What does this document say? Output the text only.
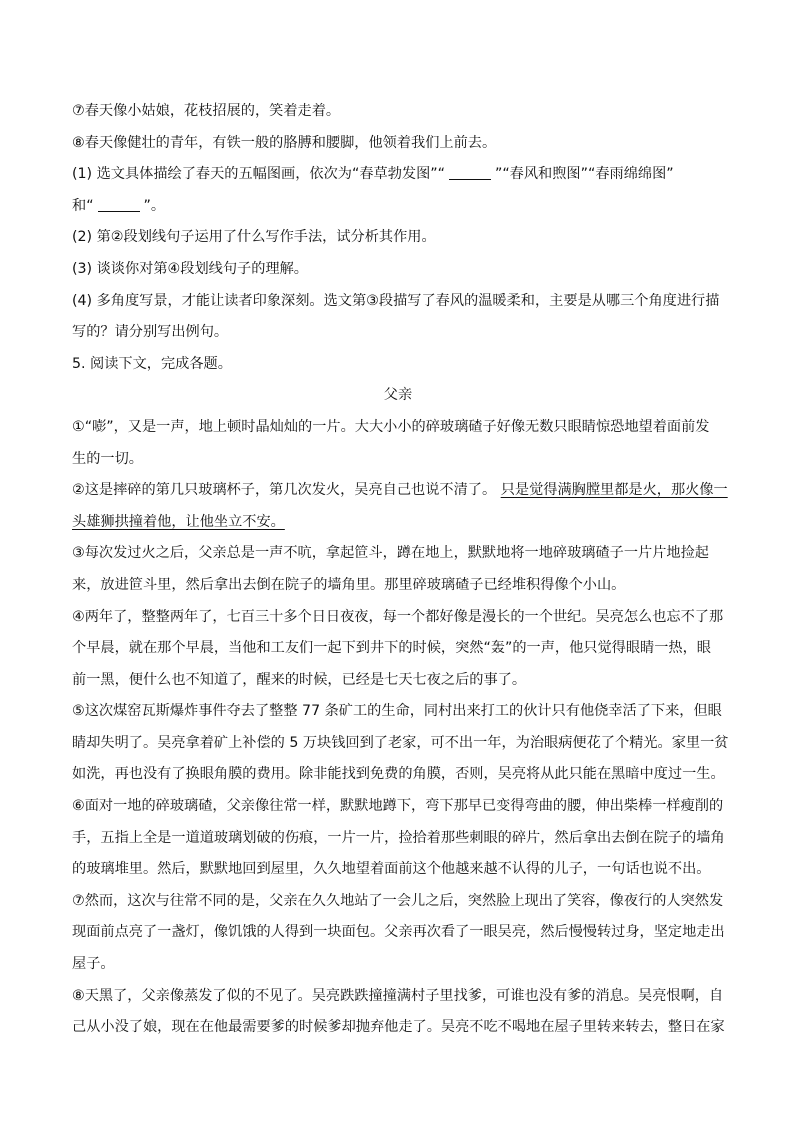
⑦春天像小姑娘，花枝招展的，笑着走着。
⑧春天像健壮的青年，有铁一般的胳膊和腰脚，他领着我们上前去。
(1) 选文具体描绘了春天的五幅图画，依次为“春草勃发图”“	”“春风和煦图”“春雨绵绵图”
和“	”。
(2) 第②段划线句子运用了什么写作手法，试分析其作用。
(3) 谈谈你对第④段划线句子的理解。
(4) 多角度写景，才能让读者印象深刻。选文第③段描写了春风的温暖柔和，主要是从哪三个角度进行描
写的？请分别写出例句。
5. 阅读下文，完成各题。
父亲
①“嘭”，又是一声，地上顿时晶灿灿的一片。大大小小的碎玻璃碴子好像无数只眼睛惊恐地望着面前发
生的一切。
②这是摔碎的第几只玻璃杯子，第几次发火，吴亮自己也说不清了。 只是觉得满胸膛里都是火，那火像一
头雄狮拱撞着他，让他坐立不安。
③每次发过火之后，父亲总是一声不吭，拿起笸斗，蹲在地上，默默地将一地碎玻璃碴子一片片地捡起
来，放进笸斗里，然后拿出去倒在院子的墙角里。那里碎玻璃碴子已经堆积得像个小山。
④两年了，整整两年了，七百三十多个日日夜夜，每一个都好像是漫长的一个世纪。吴亮怎么也忘不了那
个早晨，就在那个早晨，当他和工友们一起下到井下的时候，突然“轰”的一声，他只觉得眼睛一热，眼
前一黑，便什么也不知道了，醒来的时候，已经是七天七夜之后的事了。
⑤这次煤窑瓦斯爆炸事件夺去了整整 77 条矿工的生命，同村出来打工的伙计只有他侥幸活了下来，但眼
睛却失明了。吴亮拿着矿上补偿的 5 万块钱回到了老家，可不出一年，为治眼病便花了个精光。家里一贫
如洗，再也没有了换眼角膜的费用。除非能找到免费的角膜，否则，吴亮将从此只能在黑暗中度过一生。
⑥面对一地的碎玻璃碴，父亲像往常一样，默默地蹲下，弯下那早已变得弯曲的腰，伸出柴棒一样瘦削的
手，五指上全是一道道玻璃划破的伤痕，一片一片，捡拾着那些刺眼的碎片，然后拿出去倒在院子的墙角
的玻璃堆里。然后，默默地回到屋里，久久地望着面前这个他越来越不认得的儿子，一句话也说不出。
⑦然而，这次与往常不同的是，父亲在久久地站了一会儿之后，突然脸上现出了笑容，像夜行的人突然发
现面前点亮了一盏灯，像饥饿的人得到一块面包。父亲再次看了一眼吴亮，然后慢慢转过身，坚定地走出
屋子。
⑧天黑了，父亲像蒸发了似的不见了。吴亮跌跌撞撞满村子里找爹，可谁也没有爹的消息。吴亮恨啊，自
己从小没了娘，现在在他最需要爹的时候爹却抛弃他走了。吴亮不吃不喝地在屋子里转来转去，整日在家
